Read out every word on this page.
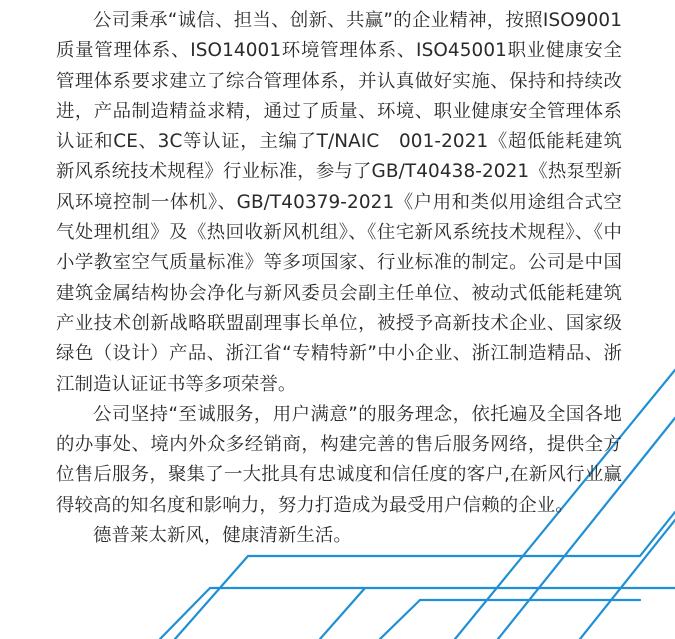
公司秉承“诚信、担当、创新、共赢”的企业精神，按照ISO9001质量管理体系、ISO14001环境管理体系、ISO45001职业健康安全管理体系要求建立了综合管理体系，并认真做好实施、保持和持续改进，产品制造精益求精，通过了质量、环境、职业健康安全管理体系认证和CE、3C等认证，主编了T/NAIC　001-2021《超低能耗建筑新风系统技术规程》行业标准，参与了GB/T40438-2021《热泵型新风环境控制一体机》、GB/T40379-2021《户用和类似用途组合式空气处理机组》及《热回收新风机组》、《住宅新风系统技术规程》、《中小学教室空气质量标准》等多项国家、行业标准的制定。公司是中国建筑金属结构协会净化与新风委员会副主任单位、被动式低能耗建筑产业技术创新战略联盟副理事长单位，被授予高新技术企业、国家级绿色（设计）产品、浙江省“专精特新”中小企业、浙江制造精品、浙江制造认证证书等多项荣誉。

公司坚持“至诚服务，用户满意”的服务理念，依托遍及全国各地的办事处、境内外众多经销商，构建完善的售后服务网络，提供全方位售后服务，聚集了一大批具有忠诚度和信任度的客户,在新风行业赢得较高的知名度和影响力，努力打造成为最受用户信赖的企业。

德普莱太新风，健康清新生活。
